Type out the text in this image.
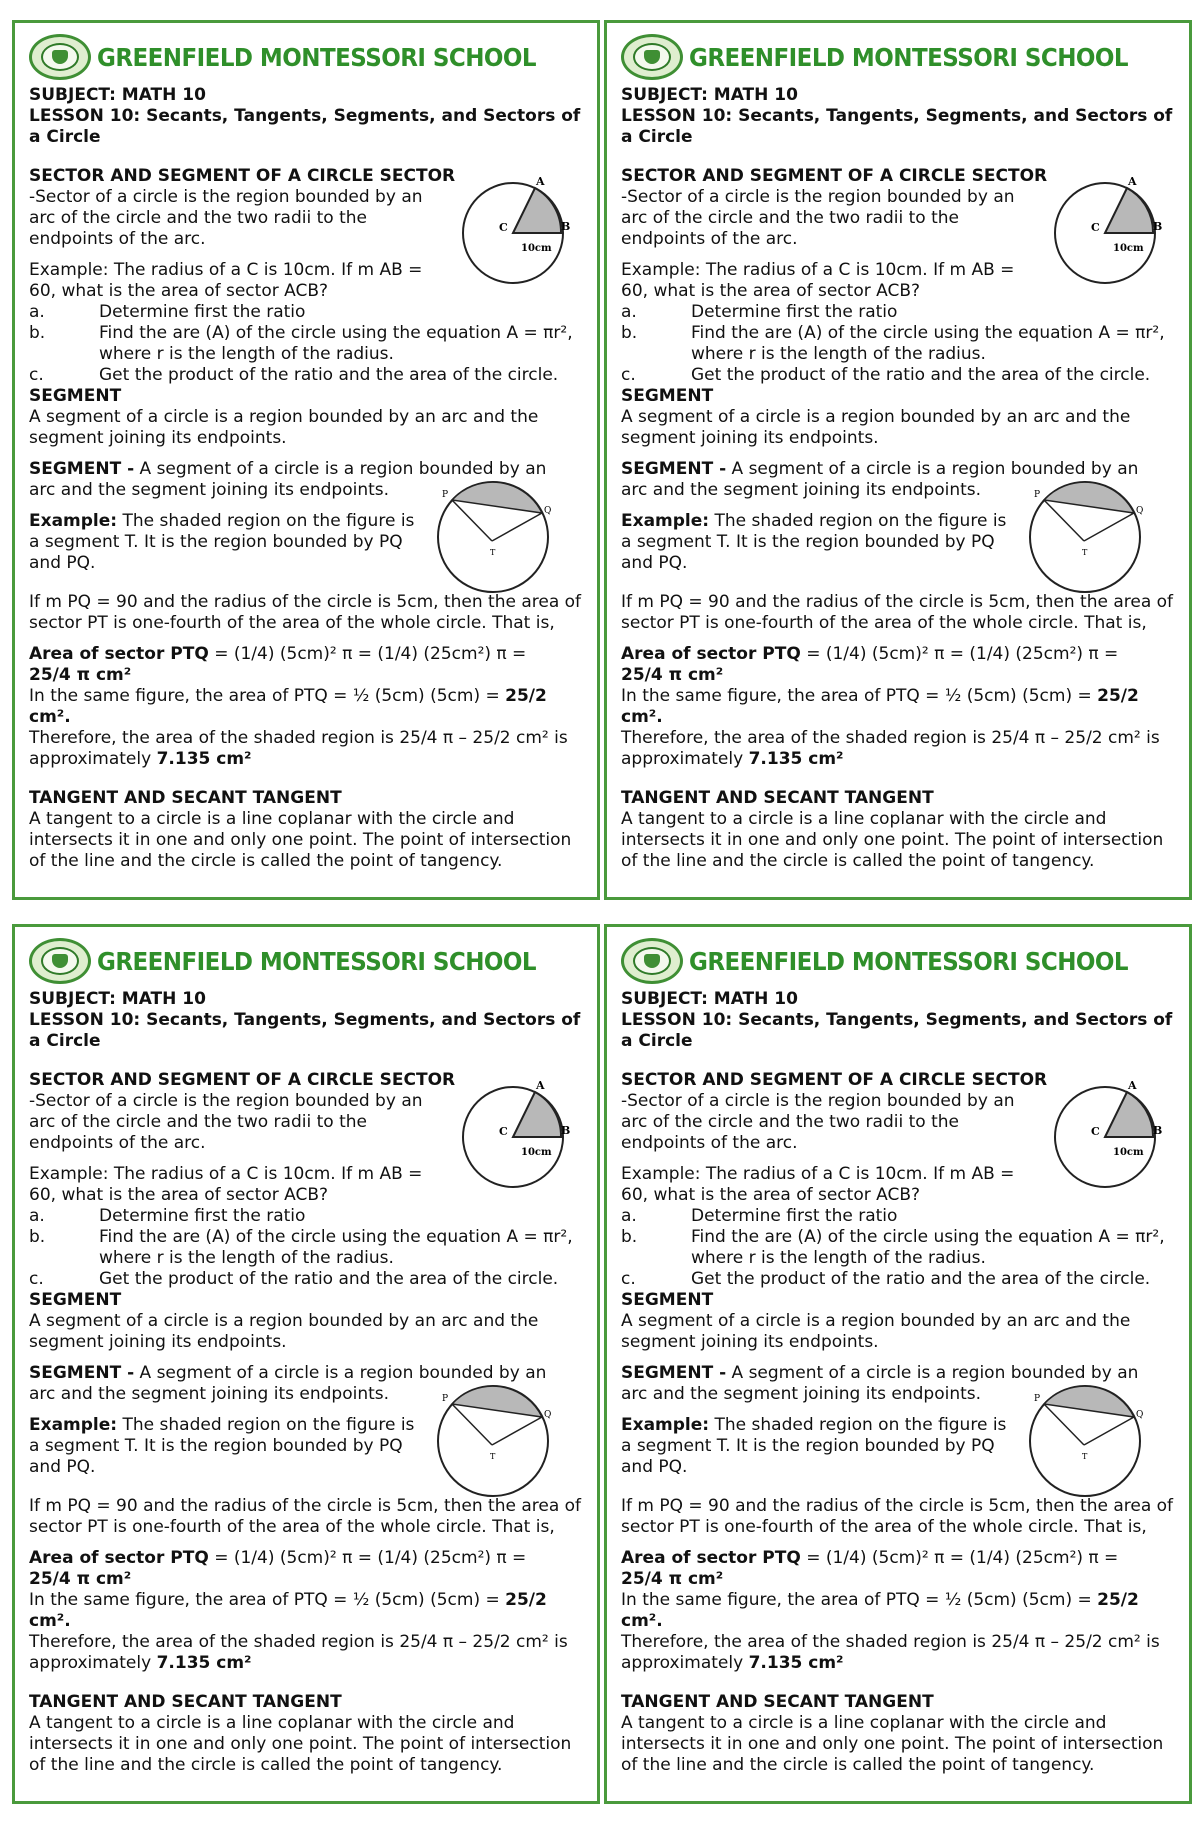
GREENFIELD MONTESSORI SCHOOL

SUBJECT: MATH 10

LESSON 10: Secants, Tangents, Segments, and Sectors of a Circle

SECTOR AND SEGMENT OF A CIRCLE SECTOR

-Sector of a circle is the region bounded by an arc of the circle and the two radii to the endpoints of the arc.

Example: The radius of a C is 10cm. If m AB = 60, what is the area of sector ACB?

a.	Determine first the ratio
b.	Find the are (A) of the circle using the equation A = πr², where r is the length of the radius.
c.	Get the product of the ratio and the area of the circle.

SEGMENT

A segment of a circle is a region bounded by an arc and the segment joining its endpoints.

SEGMENT - A segment of a circle is a region bounded by an arc and the segment joining its endpoints.

Example: The shaded region on the figure is a segment T. It is the region bounded by PQ and PQ.

If m PQ = 90 and the radius of the circle is 5cm, then the area of sector PT is one-fourth of the area of the whole circle. That is,

Area of sector PTQ = (1/4) (5cm)² π = (1/4) (25cm²) π =
25/4 π cm²

In the same figure, the area of PTQ = ½ (5cm) (5cm) = 25/2 cm².

Therefore, the area of the shaded region is 25/4 π – 25/2 cm² is approximately 7.135 cm²

TANGENT AND SECANT TANGENT

A tangent to a circle is a line coplanar with the circle and intersects it in one and only one point. The point of intersection of the line and the circle is called the point of tangency.

A
B
C
10cm
P
Q
T
GREENFIELD MONTESSORI SCHOOL

SUBJECT: MATH 10

LESSON 10: Secants, Tangents, Segments, and Sectors of a Circle

SECTOR AND SEGMENT OF A CIRCLE SECTOR

-Sector of a circle is the region bounded by an arc of the circle and the two radii to the endpoints of the arc.

Example: The radius of a C is 10cm. If m AB = 60, what is the area of sector ACB?

a.	Determine first the ratio
b.	Find the are (A) of the circle using the equation A = πr², where r is the length of the radius.
c.	Get the product of the ratio and the area of the circle.

SEGMENT

A segment of a circle is a region bounded by an arc and the segment joining its endpoints.

SEGMENT - A segment of a circle is a region bounded by an arc and the segment joining its endpoints.

Example: The shaded region on the figure is a segment T. It is the region bounded by PQ and PQ.

If m PQ = 90 and the radius of the circle is 5cm, then the area of sector PT is one-fourth of the area of the whole circle. That is,

Area of sector PTQ = (1/4) (5cm)² π = (1/4) (25cm²) π =
25/4 π cm²

In the same figure, the area of PTQ = ½ (5cm) (5cm) = 25/2 cm².

Therefore, the area of the shaded region is 25/4 π – 25/2 cm² is approximately 7.135 cm²

TANGENT AND SECANT TANGENT

A tangent to a circle is a line coplanar with the circle and intersects it in one and only one point. The point of intersection of the line and the circle is called the point of tangency.

A
B
C
10cm
P
Q
T
GREENFIELD MONTESSORI SCHOOL

SUBJECT: MATH 10

LESSON 10: Secants, Tangents, Segments, and Sectors of a Circle

SECTOR AND SEGMENT OF A CIRCLE SECTOR

-Sector of a circle is the region bounded by an arc of the circle and the two radii to the endpoints of the arc.

Example: The radius of a C is 10cm. If m AB = 60, what is the area of sector ACB?

a.	Determine first the ratio
b.	Find the are (A) of the circle using the equation A = πr², where r is the length of the radius.
c.	Get the product of the ratio and the area of the circle.

SEGMENT

A segment of a circle is a region bounded by an arc and the segment joining its endpoints.

SEGMENT - A segment of a circle is a region bounded by an arc and the segment joining its endpoints.

Example: The shaded region on the figure is a segment T. It is the region bounded by PQ and PQ.

If m PQ = 90 and the radius of the circle is 5cm, then the area of sector PT is one-fourth of the area of the whole circle. That is,

Area of sector PTQ = (1/4) (5cm)² π = (1/4) (25cm²) π =
25/4 π cm²

In the same figure, the area of PTQ = ½ (5cm) (5cm) = 25/2 cm².

Therefore, the area of the shaded region is 25/4 π – 25/2 cm² is approximately 7.135 cm²

TANGENT AND SECANT TANGENT

A tangent to a circle is a line coplanar with the circle and intersects it in one and only one point. The point of intersection of the line and the circle is called the point of tangency.

A
B
C
10cm
P
Q
T
GREENFIELD MONTESSORI SCHOOL

SUBJECT: MATH 10

LESSON 10: Secants, Tangents, Segments, and Sectors of a Circle

SECTOR AND SEGMENT OF A CIRCLE SECTOR

-Sector of a circle is the region bounded by an arc of the circle and the two radii to the endpoints of the arc.

Example: The radius of a C is 10cm. If m AB = 60, what is the area of sector ACB?

a.	Determine first the ratio
b.	Find the are (A) of the circle using the equation A = πr², where r is the length of the radius.
c.	Get the product of the ratio and the area of the circle.

SEGMENT

A segment of a circle is a region bounded by an arc and the segment joining its endpoints.

SEGMENT - A segment of a circle is a region bounded by an arc and the segment joining its endpoints.

Example: The shaded region on the figure is a segment T. It is the region bounded by PQ and PQ.

If m PQ = 90 and the radius of the circle is 5cm, then the area of sector PT is one-fourth of the area of the whole circle. That is,

Area of sector PTQ = (1/4) (5cm)² π = (1/4) (25cm²) π =
25/4 π cm²

In the same figure, the area of PTQ = ½ (5cm) (5cm) = 25/2 cm².

Therefore, the area of the shaded region is 25/4 π – 25/2 cm² is approximately 7.135 cm²

TANGENT AND SECANT TANGENT

A tangent to a circle is a line coplanar with the circle and intersects it in one and only one point. The point of intersection of the line and the circle is called the point of tangency.

A
B
C
10cm
P
Q
T
